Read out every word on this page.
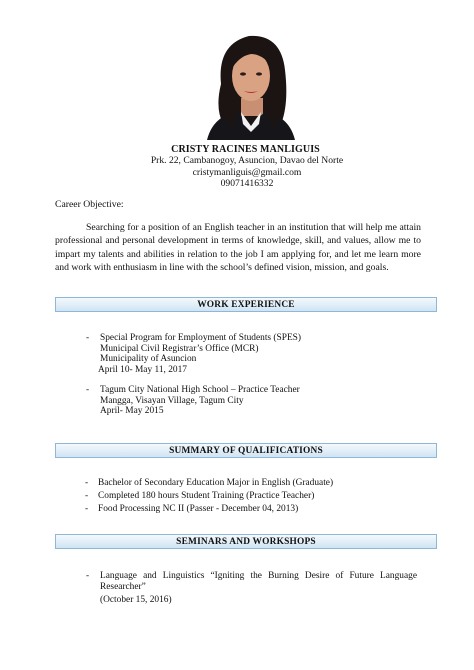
CRISTY RACINES MANLIGUIS
Prk. 22, Cambanogoy, Asuncion, Davao del Norte
cristymanliguis@gmail.com
09071416332
Career Objective:
Searching for a position of an English teacher in an institution that will help me attain professional and personal development in terms of knowledge, skill, and values, allow me to impart my talents and abilities in relation to the job I am applying for, and let me learn more and work with enthusiasm in line with the school’s defined vision, mission, and goals.
WORK EXPERIENCE
- Special Program for Employment of Students (SPES)
Municipal Civil Registrar’s Office (MCR)
Municipality of Asuncion
April 10- May 11, 2017
- Tagum City National High School – Practice Teacher
Mangga, Visayan Village, Tagum City
April- May 2015
SUMMARY OF QUALIFICATIONS
- Bachelor of Secondary Education Major in English (Graduate)
- Completed 180 hours Student Training (Practice Teacher)
- Food Processing NC II (Passer - December 04, 2013)
SEMINARS AND WORKSHOPS
- Language and Linguistics “Igniting the Burning Desire of Future Language Researcher”
(October 15, 2016)
